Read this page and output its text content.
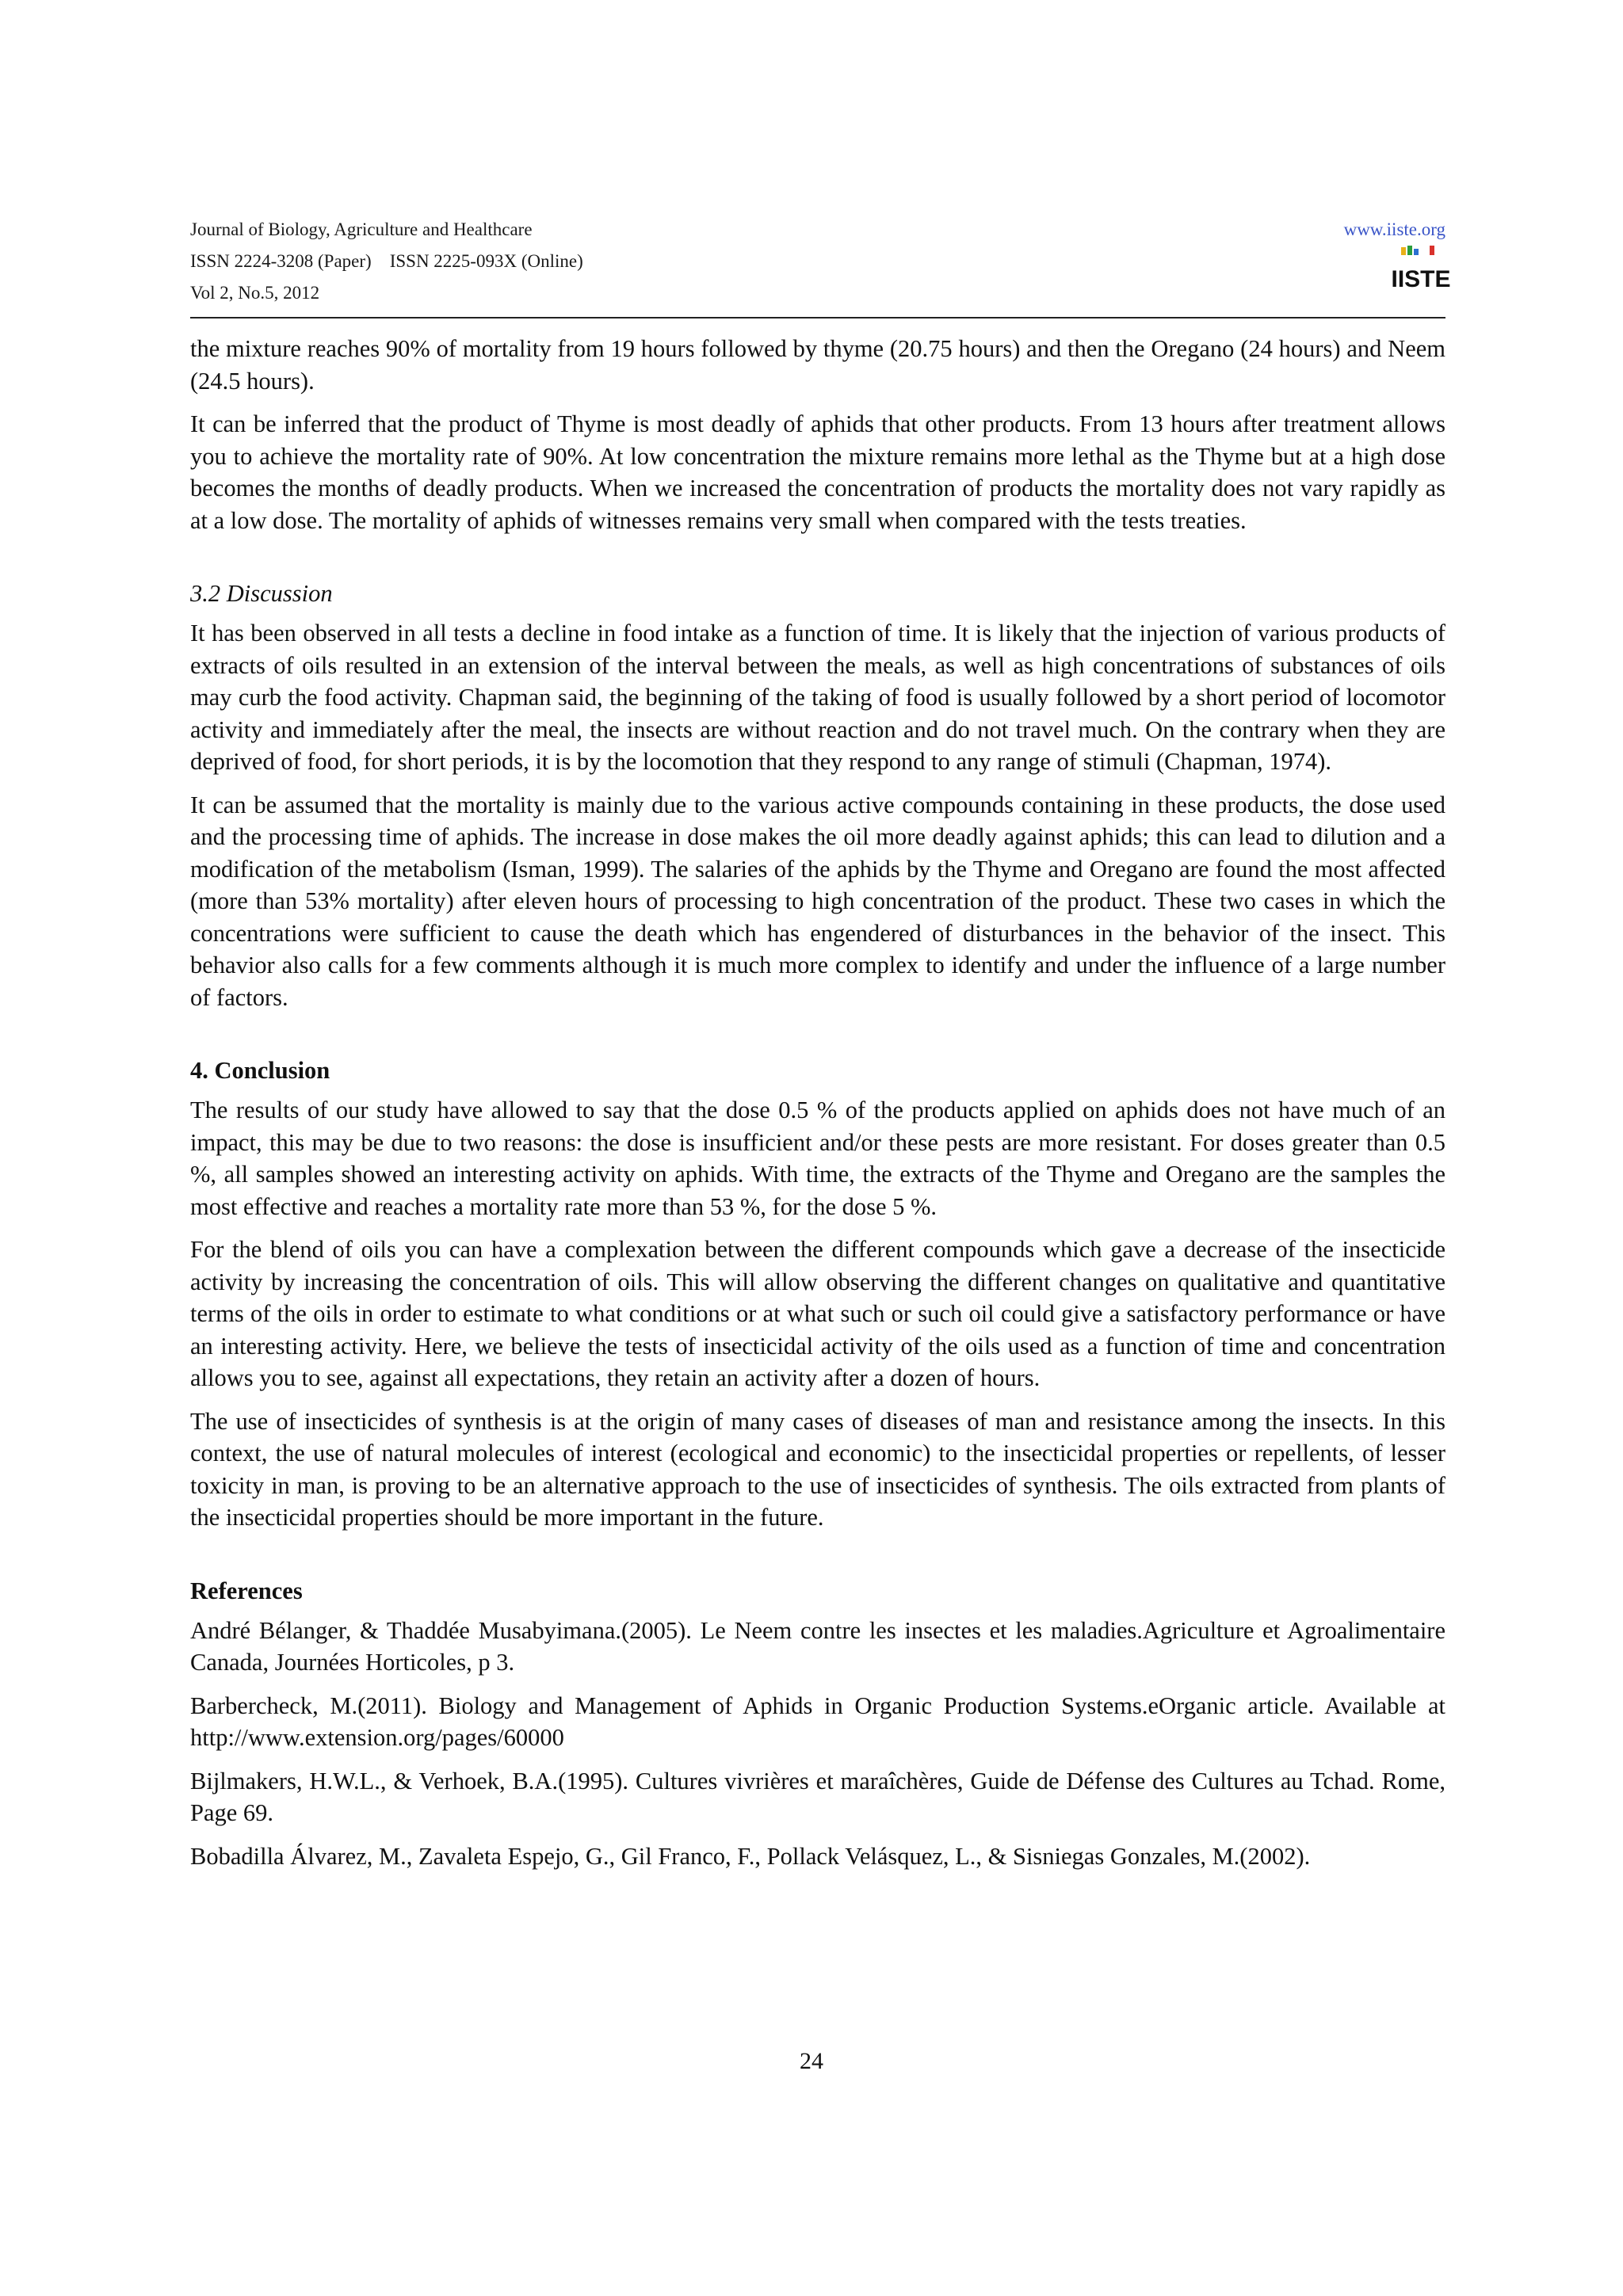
Journal of Biology, Agriculture and Healthcare
ISSN 2224-3208 (Paper)    ISSN 2225-093X (Online)
Vol 2, No.5, 2012
www.iiste.org
IISTE

the mixture reaches 90% of mortality from 19 hours followed by thyme (20.75 hours) and then the Oregano (24 hours) and Neem (24.5 hours).

It can be inferred that the product of Thyme is most deadly of aphids that other products. From 13 hours after treatment allows you to achieve the mortality rate of 90%. At low concentration the mixture remains more lethal as the Thyme but at a high dose becomes the months of deadly products. When we increased the concentration of products the mortality does not vary rapidly as at a low dose. The mortality of aphids of witnesses remains very small when compared with the tests treaties.

3.2 Discussion

It has been observed in all tests a decline in food intake as a function of time. It is likely that the injection of various products of extracts of oils resulted in an extension of the interval between the meals, as well as high concentrations of substances of oils may curb the food activity. Chapman said, the beginning of the taking of food is usually followed by a short period of locomotor activity and immediately after the meal, the insects are without reaction and do not travel much. On the contrary when they are deprived of food, for short periods, it is by the locomotion that they respond to any range of stimuli (Chapman, 1974).

It can be assumed that the mortality is mainly due to the various active compounds containing in these products, the dose used and the processing time of aphids. The increase in dose makes the oil more deadly against aphids; this can lead to dilution and a modification of the metabolism (Isman, 1999). The salaries of the aphids by the Thyme and Oregano are found the most affected (more than 53% mortality) after eleven hours of processing to high concentration of the product. These two cases in which the concentrations were sufficient to cause the death which has engendered of disturbances in the behavior of the insect. This behavior also calls for a few comments although it is much more complex to identify and under the influence of a large number of factors.

4. Conclusion

The results of our study have allowed to say that the dose 0.5 % of the products applied on aphids does not have much of an impact, this may be due to two reasons: the dose is insufficient and/or these pests are more resistant. For doses greater than 0.5 %, all samples showed an interesting activity on aphids. With time, the extracts of the Thyme and Oregano are the samples the most effective and reaches a mortality rate more than 53 %, for the dose 5 %.

For the blend of oils you can have a complexation between the different compounds which gave a decrease of the insecticide activity by increasing the concentration of oils. This will allow observing the different changes on qualitative and quantitative terms of the oils in order to estimate to what conditions or at what such or such oil could give a satisfactory performance or have an interesting activity. Here, we believe the tests of insecticidal activity of the oils used as a function of time and concentration allows you to see, against all expectations, they retain an activity after a dozen of hours.

The use of insecticides of synthesis is at the origin of many cases of diseases of man and resistance among the insects. In this context, the use of natural molecules of interest (ecological and economic) to the insecticidal properties or repellents, of lesser toxicity in man, is proving to be an alternative approach to the use of insecticides of synthesis. The oils extracted from plants of the insecticidal properties should be more important in the future.

References

André Bélanger, & Thaddée Musabyimana.(2005). Le Neem contre les insectes et les maladies.Agriculture et Agroalimentaire Canada, Journées Horticoles, p 3.

Barbercheck, M.(2011). Biology and Management of Aphids in Organic Production Systems.eOrganic article. Available at http://www.extension.org/pages/60000

Bijlmakers, H.W.L., & Verhoek, B.A.(1995). Cultures vivrières et maraîchères, Guide de Défense des Cultures au Tchad. Rome, Page 69.

Bobadilla Álvarez, M., Zavaleta Espejo, G., Gil Franco, F., Pollack Velásquez, L., & Sisniegas Gonzales, M.(2002).

24
